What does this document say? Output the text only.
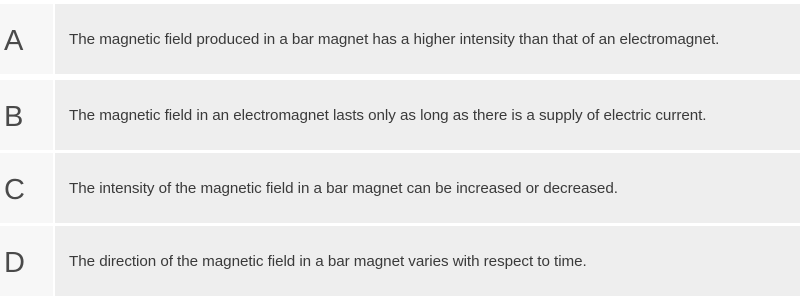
A	The magnetic field produced in a bar magnet has a higher intensity than that of an electromagnet.
B	The magnetic field in an electromagnet lasts only as long as there is a supply of electric current.
C	The intensity of the magnetic field in a bar magnet can be increased or decreased.
D	The direction of the magnetic field in a bar magnet varies with respect to time.
